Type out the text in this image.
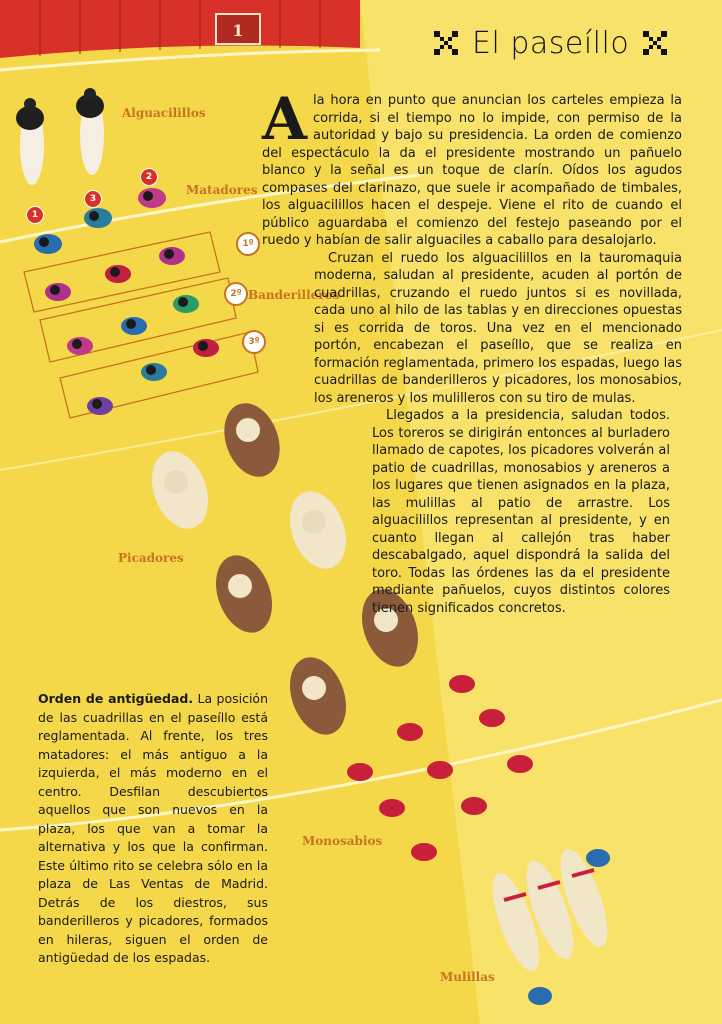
1	El paseíllo
Alguacilillos
Matadores
Banderilleros
Picadores
Monosabios
Mulillas
1
3
2
1º
2º
3º

Ala hora en punto que anuncian los carteles empieza la corrida, si el tiempo no lo impide, con permiso de la autoridad y bajo su presidencia. La orden de comienzo del espectáculo la da el presidente mostrando un pañuelo blanco y la señal es un toque de clarín. Oídos los agudos compases del clarinazo, que suele ir acompañado de timbales, los alguacilillos hacen el despeje. Viene el rito de cuando el público aguardaba el comienzo del festejo paseando por el ruedo y habían de salir alguaciles a caballo para desalojarlo.

Cruzan el ruedo los alguacilillos en la tauromaquia moderna, saludan al presidente, acuden al portón de cuadrillas, cruzando el ruedo juntos si es novillada, cada uno al hilo de las tablas y en direcciones opuestas si es corrida de toros. Una vez en el mencionado portón, encabezan el paseíllo, que se realiza en formación reglamentada, primero los espadas, luego las cuadrillas de banderilleros y picadores, los monosabios, los areneros y los mulilleros con su tiro de mulas.

Llegados a la presidencia, saludan todos. Los toreros se dirigirán entonces al burladero llamado de capotes, los picadores volverán al patio de cuadrillas, monosabios y areneros a los lugares que tienen asignados en la plaza, las mulillas al patio de arrastre. Los alguacilillos representan al presidente, y en cuanto llegan al callejón tras haber descabalgado, aquel dispondrá la salida del toro. Todas las órdenes las da el presidente mediante pañuelos, cuyos distintos colores tienen significados concretos.

Orden de antigüedad. La posición de las cuadrillas en el paseíllo está reglamentada. Al frente, los tres matadores: el más antiguo a la izquierda, el más moderno en el centro. Desfilan descubiertos aquellos que son nuevos en la plaza, los que van a tomar la alternativa y los que la confirman. Este último rito se celebra sólo en la plaza de Las Ventas de Madrid. Detrás de los diestros, sus banderilleros y picadores, formados en hileras, siguen el orden de antigüedad de los espadas.
